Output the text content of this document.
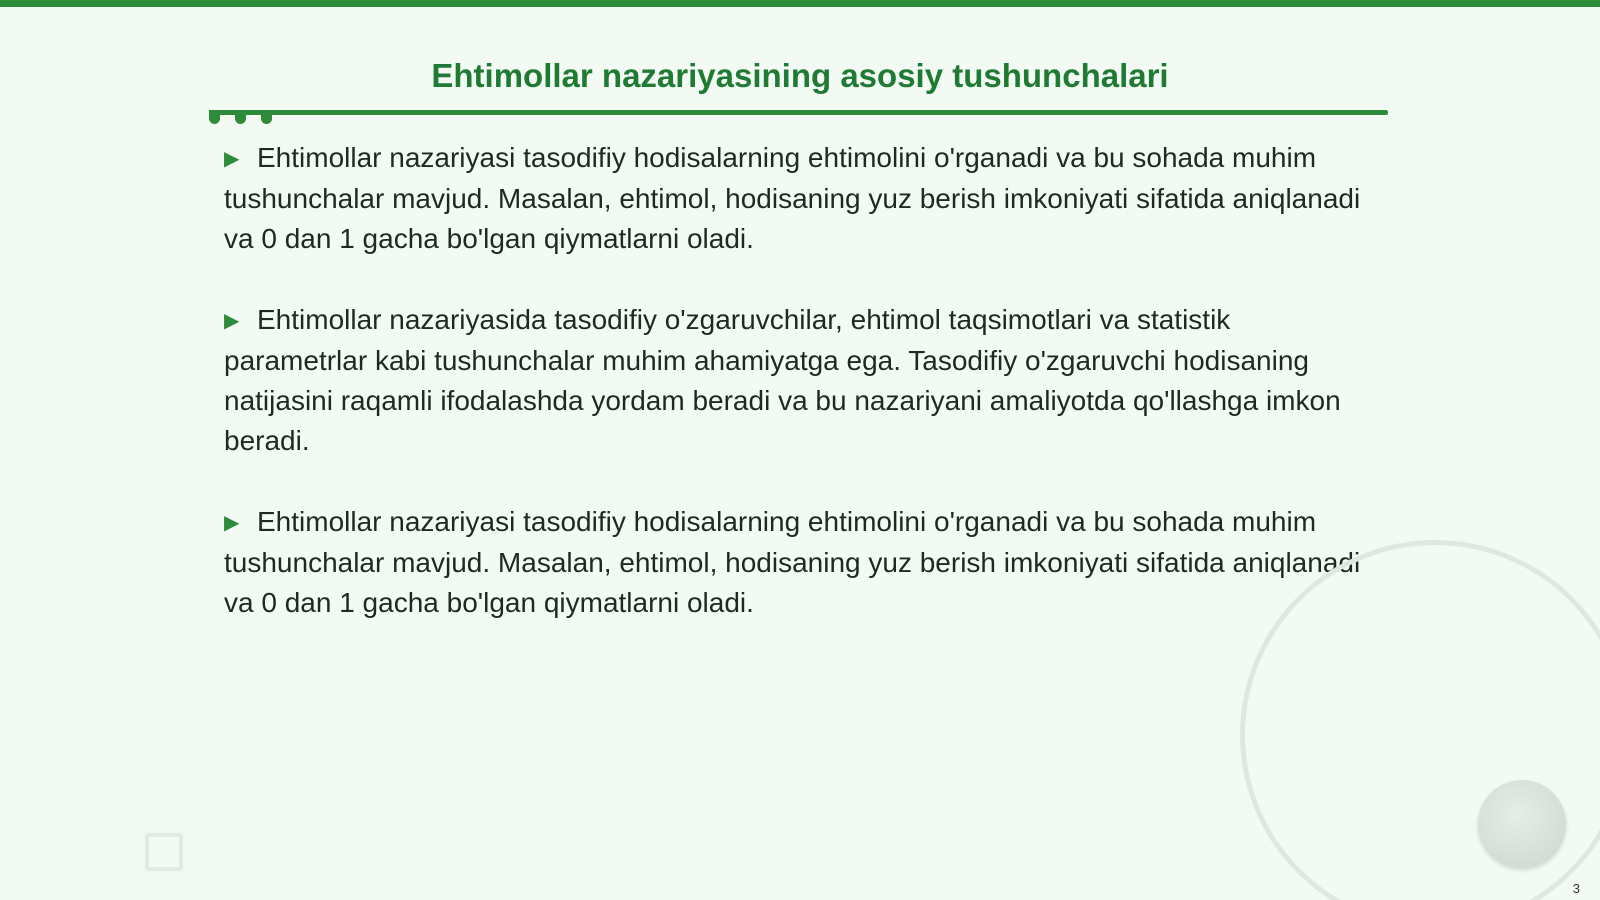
Ehtimollar nazariyasining asosiy tushunchalari

▶ Ehtimollar nazariyasi tasodifiy hodisalarning ehtimolini o'rganadi va bu sohada muhim tushunchalar mavjud. Masalan, ehtimol, hodisaning yuz berish imkoniyati sifatida aniqlanadi va 0 dan 1 gacha bo'lgan qiymatlarni oladi.

▶ Ehtimollar nazariyasida tasodifiy o'zgaruvchilar, ehtimol taqsimotlari va statistik parametrlar kabi tushunchalar muhim ahamiyatga ega. Tasodifiy o'zgaruvchi hodisaning natijasini raqamli ifodalashda yordam beradi va bu nazariyani amaliyotda qo'llashga imkon beradi.

▶ Ehtimollar nazariyasi tasodifiy hodisalarning ehtimolini o'rganadi va bu sohada muhim tushunchalar mavjud. Masalan, ehtimol, hodisaning yuz berish imkoniyati sifatida aniqlanadi va 0 dan 1 gacha bo'lgan qiymatlarni oladi.

3
